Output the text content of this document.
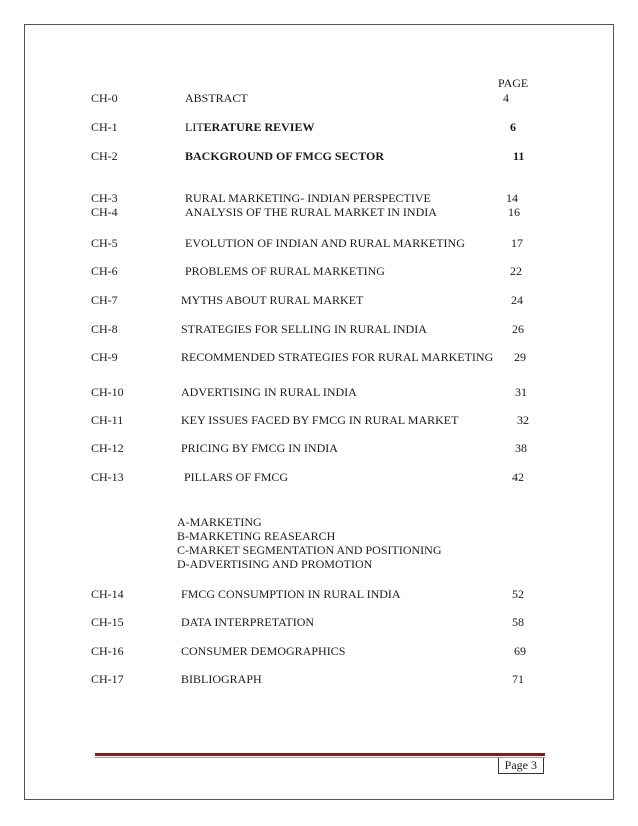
PAGE
CH-0	ABSTRACT	4
CH-1	LITERATURE REVIEW	6
CH-2	BACKGROUND OF FMCG SECTOR	11
CH-3	RURAL MARKETING- INDIAN PERSPECTIVE	14
CH-4	ANALYSIS OF THE RURAL MARKET IN INDIA	16
CH-5	EVOLUTION OF INDIAN AND RURAL MARKETING	17
CH-6	PROBLEMS OF RURAL MARKETING	22
CH-7	MYTHS ABOUT RURAL MARKET	24
CH-8	STRATEGIES FOR SELLING IN RURAL INDIA	26
CH-9	RECOMMENDED STRATEGIES FOR RURAL MARKETING 29
CH-10	ADVERTISING IN RURAL INDIA	31
CH-11	KEY ISSUES FACED BY FMCG IN RURAL MARKET	32
CH-12	PRICING BY FMCG IN INDIA	38
CH-13	PILLARS OF FMCG	42
A-MARKETING
B-MARKETING REASEARCH
C-MARKET SEGMENTATION AND POSITIONING
D-ADVERTISING AND PROMOTION
CH-14	FMCG CONSUMPTION IN RURAL INDIA	52
CH-15	DATA INTERPRETATION	58
CH-16	CONSUMER DEMOGRAPHICS	69
CH-17	BIBLIOGRAPH	71
Page 3
